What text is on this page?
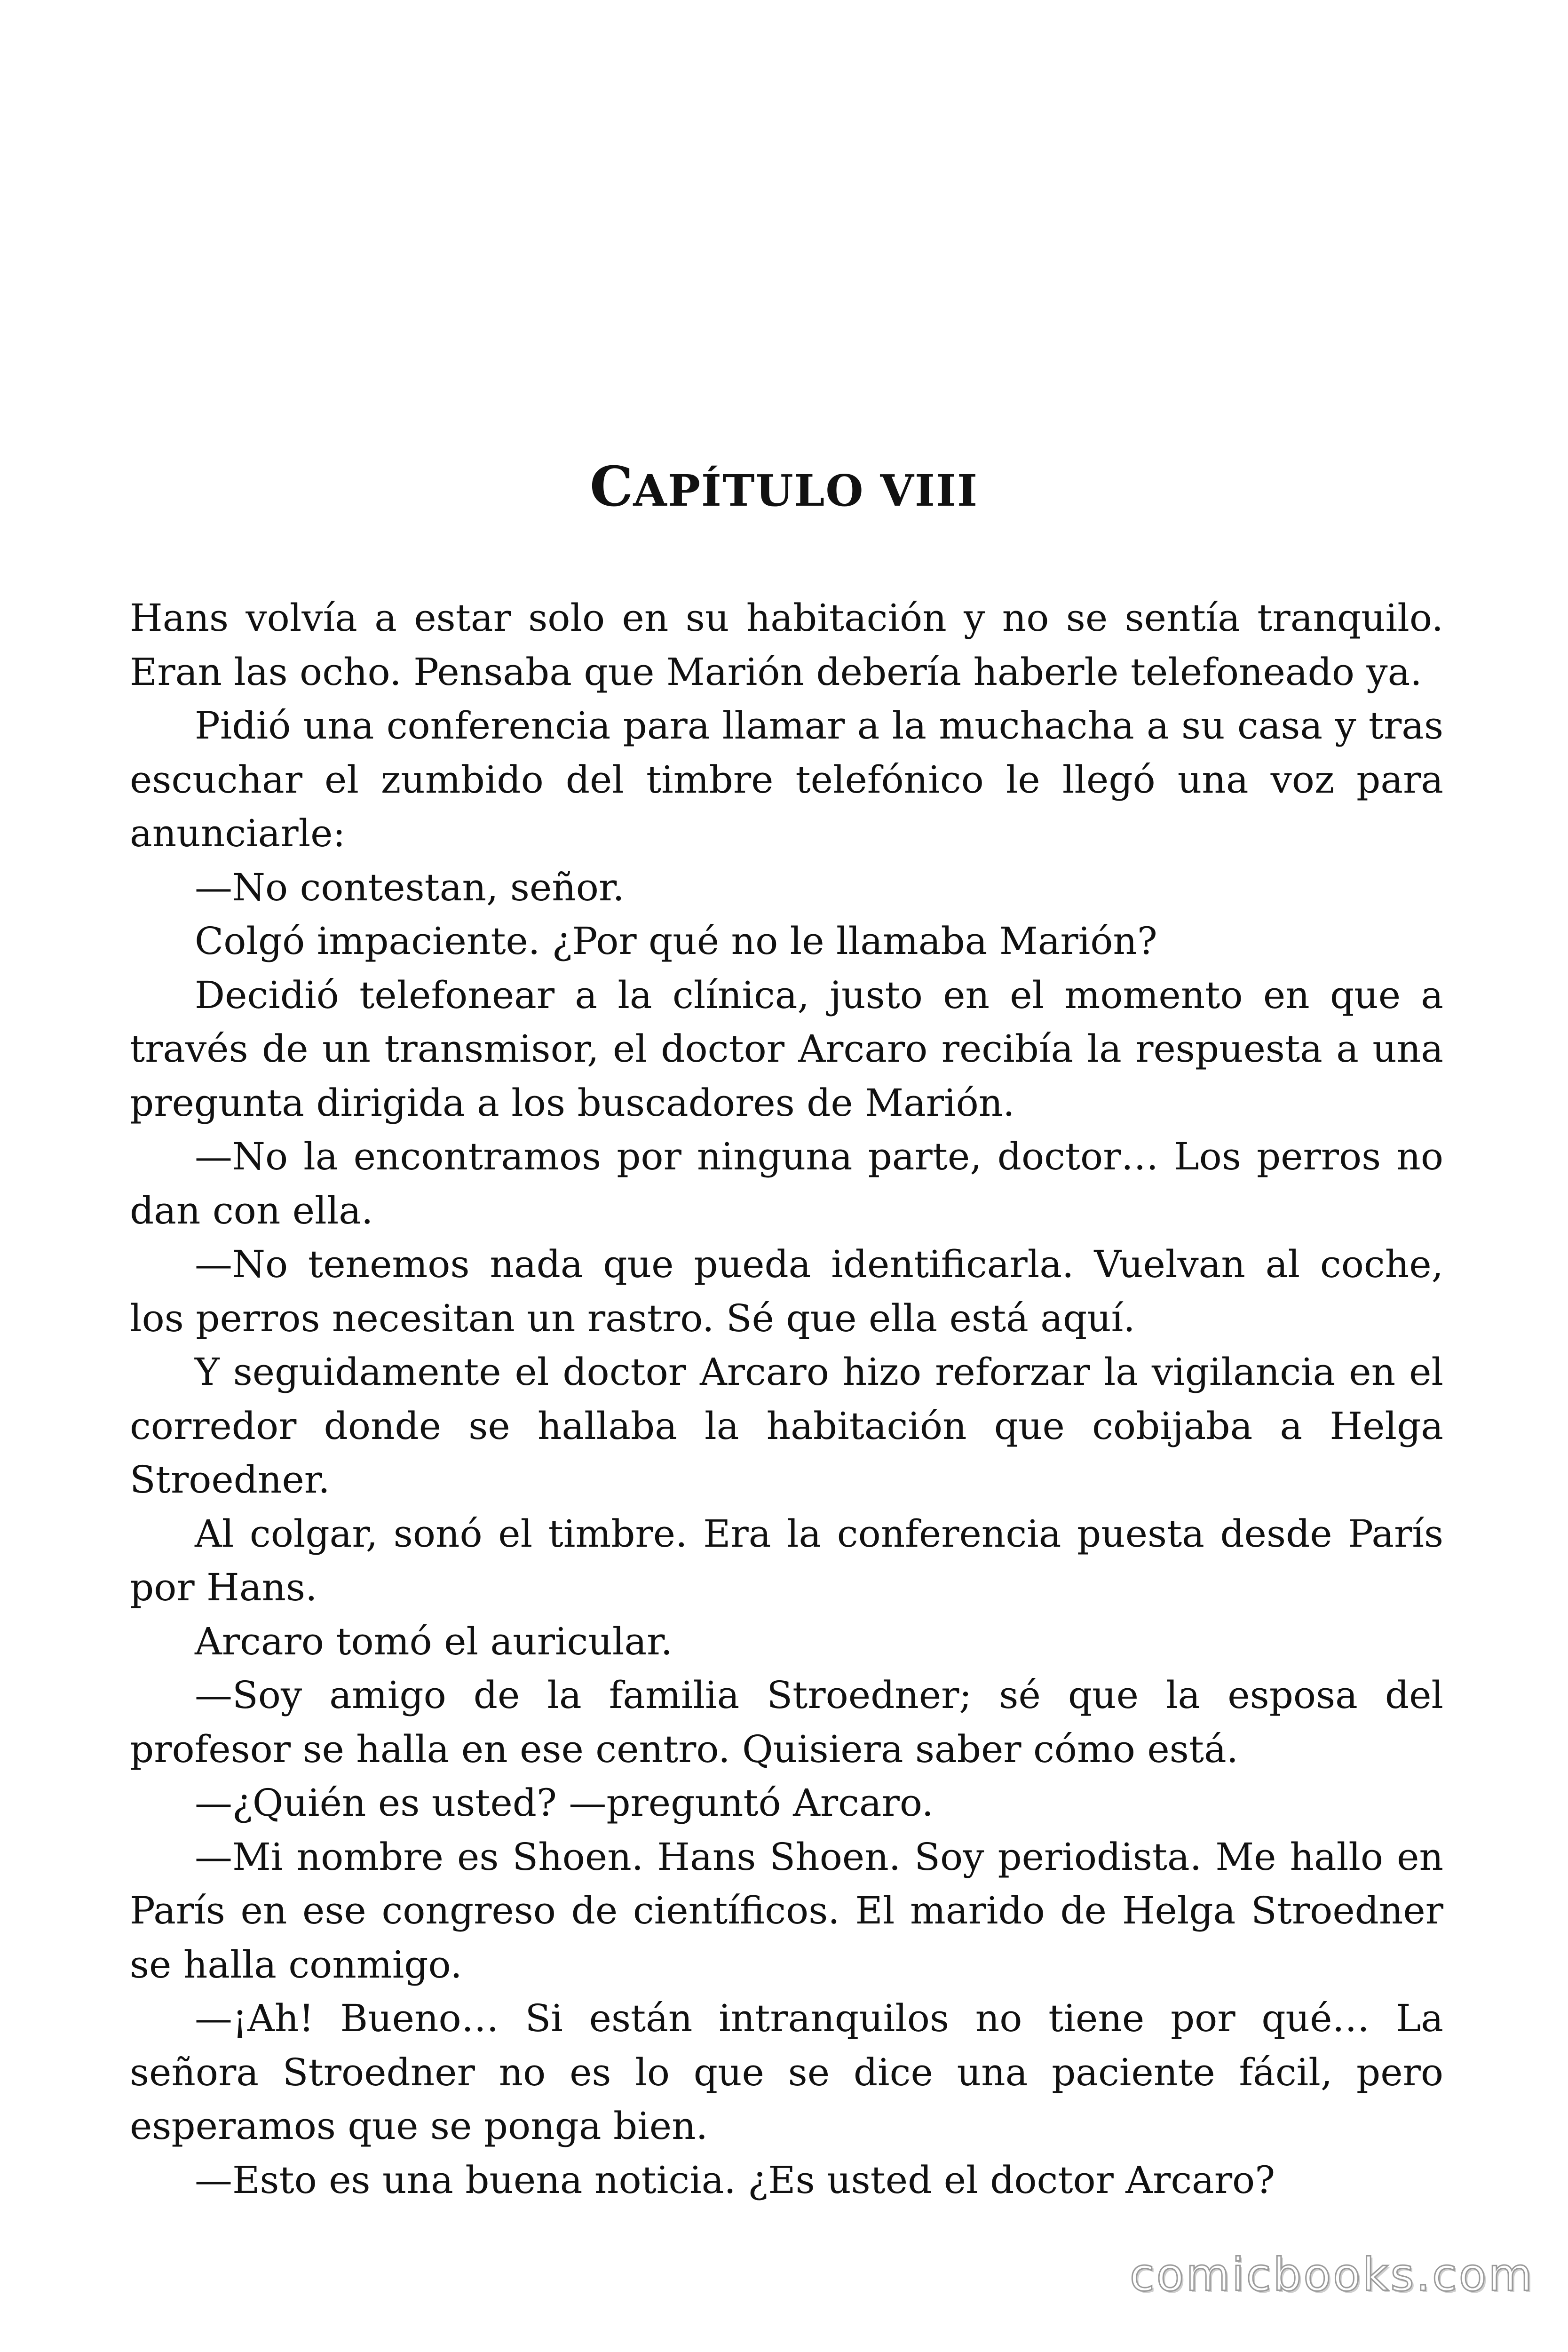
CAPÍTULO VIII

Hans volvía a estar solo en su habitación y no se sentía tranquilo. Eran las ocho. Pensaba que Marión debería haberle telefoneado ya.

Pidió una conferencia para llamar a la muchacha a su casa y tras escuchar el zumbido del timbre telefónico le llegó una voz para anunciarle:

—No contestan, señor.

Colgó impaciente. ¿Por qué no le llamaba Marión?

Decidió telefonear a la clínica, justo en el momento en que a través de un transmisor, el doctor Arcaro recibía la respuesta a una pregunta dirigida a los buscadores de Marión.

—No la encontramos por ninguna parte, doctor… Los perros no dan con ella.

—No tenemos nada que pueda identificarla. Vuelvan al coche, los perros necesitan un rastro. Sé que ella está aquí.

Y seguidamente el doctor Arcaro hizo reforzar la vigilancia en el corredor donde se hallaba la habitación que cobijaba a Helga Stroedner.

Al colgar, sonó el timbre. Era la conferencia puesta desde París por Hans.

Arcaro tomó el auricular.

—Soy amigo de la familia Stroedner; sé que la esposa del profesor se halla en ese centro. Quisiera saber cómo está.

—¿Quién es usted? —preguntó Arcaro.

—Mi nombre es Shoen. Hans Shoen. Soy periodista. Me hallo en París en ese congreso de científicos. El marido de Helga Stroedner se halla conmigo.

—¡Ah! Bueno… Si están intranquilos no tiene por qué… La señora Stroedner no es lo que se dice una paciente fácil, pero esperamos que se ponga bien.

—Esto es una buena noticia. ¿Es usted el doctor Arcaro?

comicbooks.com
